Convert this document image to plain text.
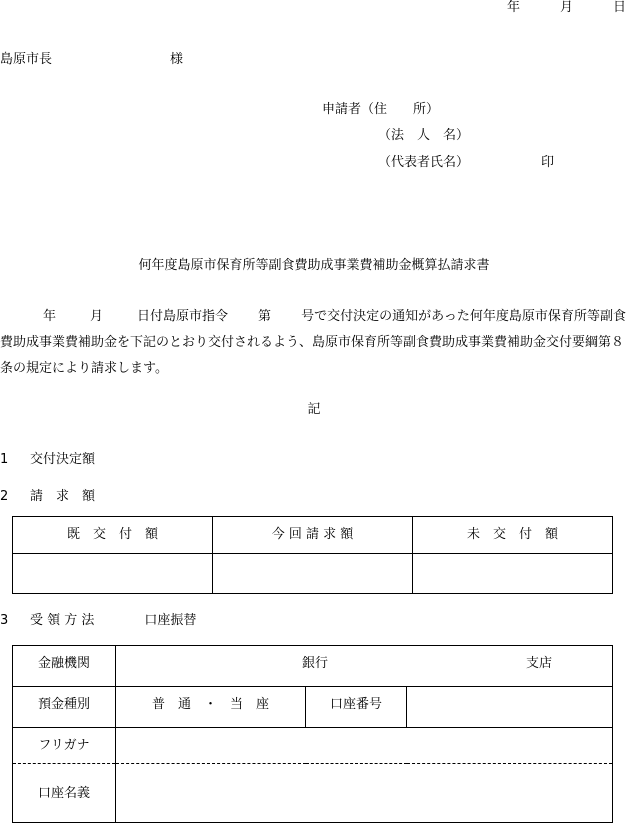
年	月	日
島原市長	様
申請者（住　　所）
（法　人　名）
（代表者氏名）	印
何年度島原市保育所等副食費助成事業費補助金概算払請求書
年	月	日付島原市指令 第 号で交付決定の通知があった何年度島原市保育所等副食費助成事業費補助金を下記のとおり交付されるよう、島原市保育所等副食費助成事業費補助金交付要綱第８条の規定により請求します。
記
1 交付決定額
2 請　求　額
既　交　付　額	今 回 請 求 額	未　交　付　額

3 受 領 方 法	口座振替
金融機関	銀行 支店		

預金種別	普　通　・　当　座	口座番号	
フリガナ			
口座名義			
